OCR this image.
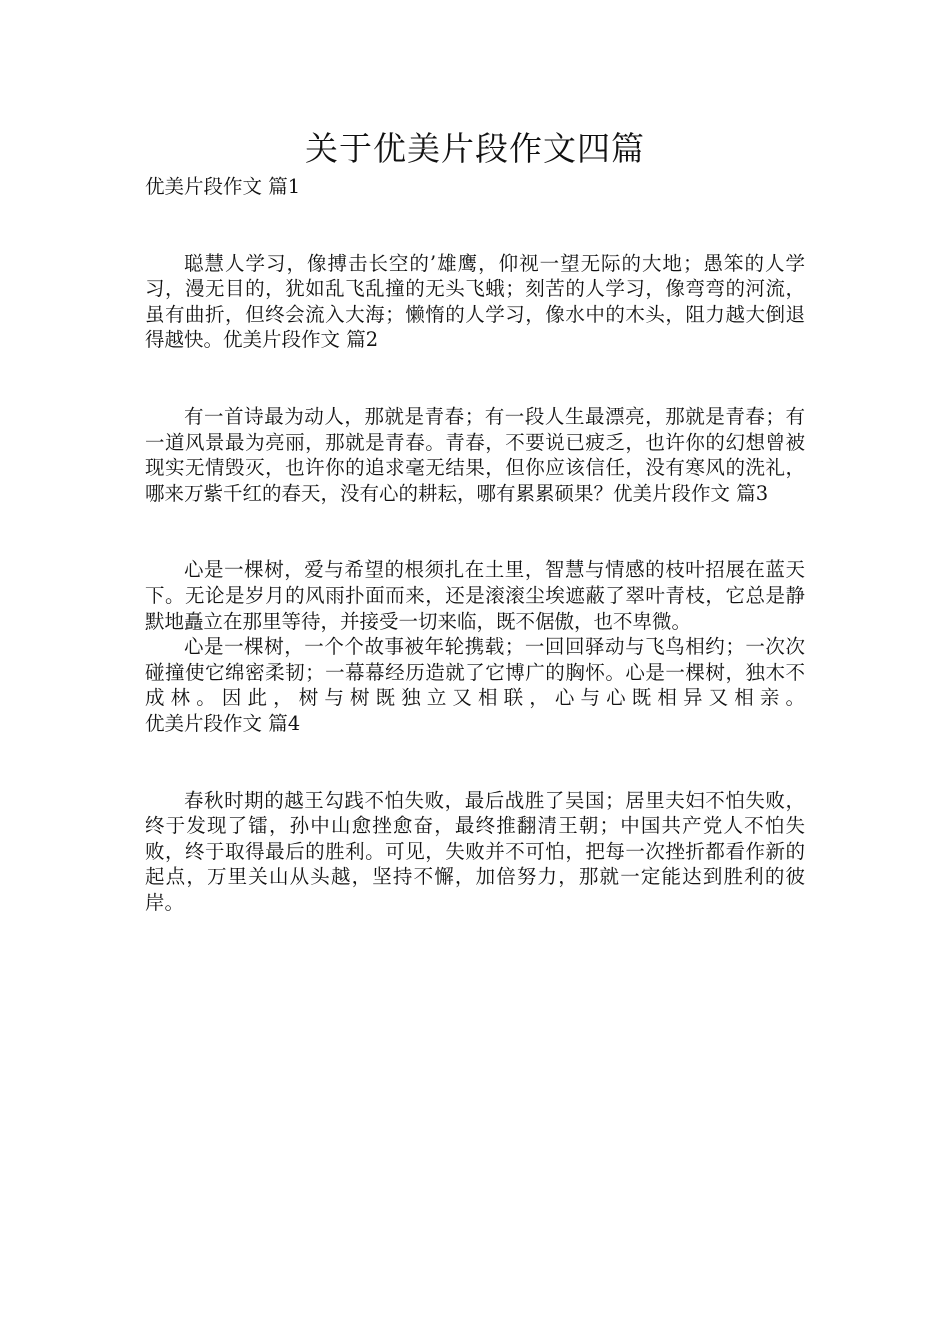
关于优美片段作文四篇

优美片段作文 篇1

聪慧人学习，像搏击长空的’雄鹰，仰视一望无际的大地；愚笨的人学习，漫无目的，犹如乱飞乱撞的无头飞蛾；刻苦的人学习，像弯弯的河流，虽有曲折，但终会流入大海；懒惰的人学习，像水中的木头，阻力越大倒退得越快。优美片段作文 篇2

有一首诗最为动人，那就是青春；有一段人生最漂亮，那就是青春；有一道风景最为亮丽，那就是青春。青春，不要说已疲乏，也许你的幻想曾被现实无情毁灭，也许你的追求毫无结果，但你应该信任，没有寒风的洗礼，哪来万紫千红的春天，没有心的耕耘，哪有累累硕果？优美片段作文 篇3

心是一棵树，爱与希望的根须扎在土里，智慧与情感的枝叶招展在蓝天下。无论是岁月的风雨扑面而来，还是滚滚尘埃遮蔽了翠叶青枝，它总是静默地矗立在那里等待，并接受一切来临，既不倨傲，也不卑微。

心是一棵树，一个个故事被年轮携载；一回回驿动与飞鸟相约；一次次碰撞使它绵密柔韧；一幕幕经历造就了它博广的胸怀。心是一棵树，独木不成林。因此，树与树既独立又相联，心与心既相异又相亲。优美片段作文 篇4

春秋时期的越王勾践不怕失败，最后战胜了吴国；居里夫妇不怕失败，终于发现了镭，孙中山愈挫愈奋，最终推翻清王朝；中国共产党人不怕失败，终于取得最后的胜利。可见，失败并不可怕，把每一次挫折都看作新的起点，万里关山从头越，坚持不懈，加倍努力，那就一定能达到胜利的彼岸。
